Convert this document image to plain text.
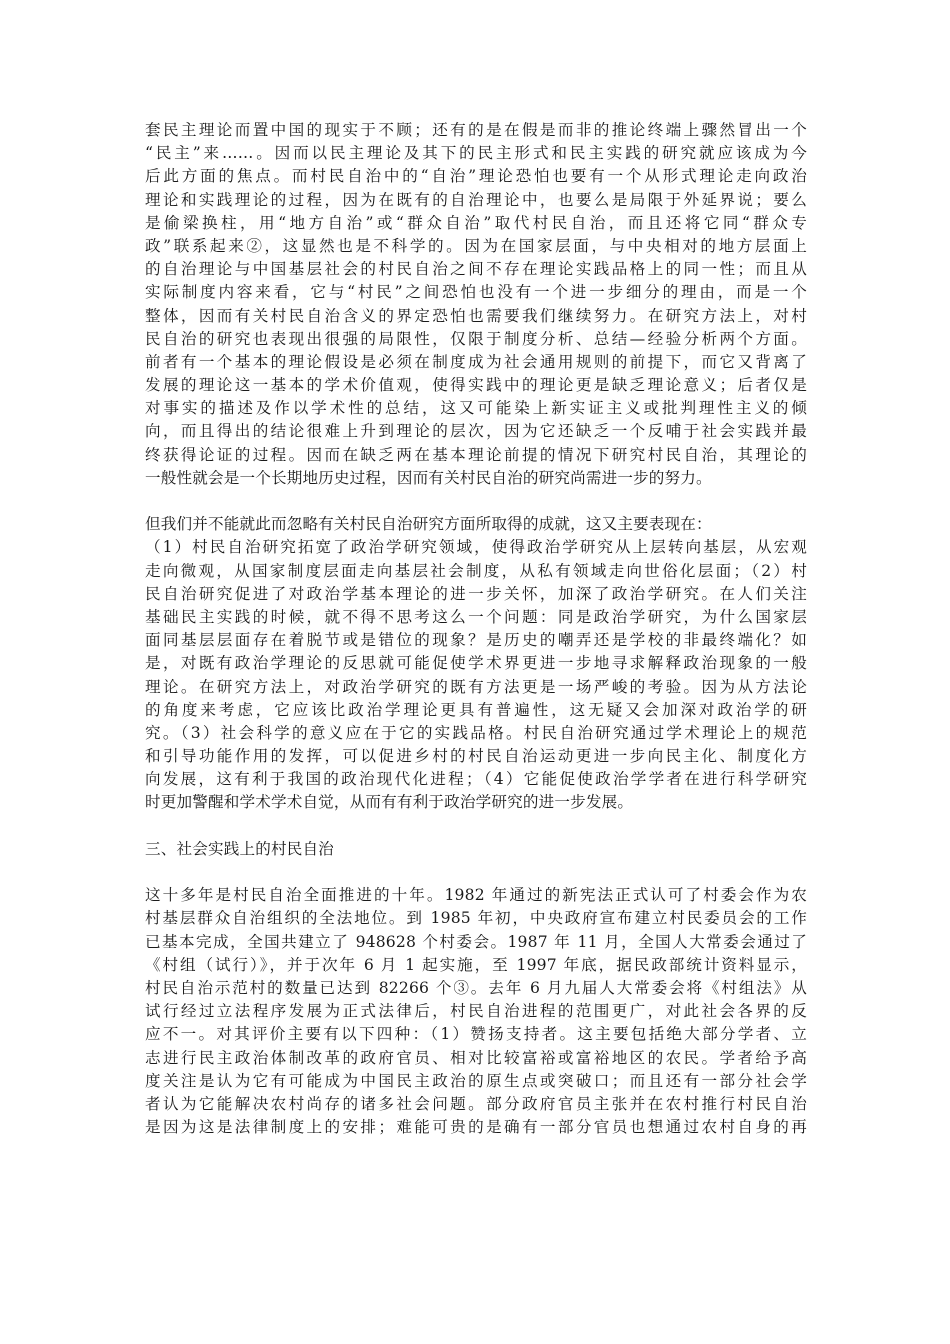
套民主理论而置中国的现实于不顾；还有的是在假是而非的推论终端上骤然冒出一个
“民主”来……。因而以民主理论及其下的民主形式和民主实践的研究就应该成为今
后此方面的焦点。而村民自治中的“自治”理论恐怕也要有一个从形式理论走向政治
理论和实践理论的过程，因为在既有的自治理论中，也要么是局限于外延界说；要么
是偷梁换柱，用“地方自治”或“群众自治”取代村民自治，而且还将它同“群众专
政”联系起来②，这显然也是不科学的。因为在国家层面，与中央相对的地方层面上
的自治理论与中国基层社会的村民自治之间不存在理论实践品格上的同一性；而且从
实际制度内容来看，它与“村民”之间恐怕也没有一个进一步细分的理由，而是一个
整体，因而有关村民自治含义的界定恐怕也需要我们继续努力。在研究方法上，对村
民自治的研究也表现出很强的局限性，仅限于制度分析、总结—经验分析两个方面。
前者有一个基本的理论假设是必须在制度成为社会通用规则的前提下，而它又背离了
发展的理论这一基本的学术价值观，使得实践中的理论更是缺乏理论意义；后者仅是
对事实的描述及作以学术性的总结，这又可能染上新实证主义或批判理性主义的倾
向，而且得出的结论很难上升到理论的层次，因为它还缺乏一个反哺于社会实践并最
终获得论证的过程。因而在缺乏两在基本理论前提的情况下研究村民自治，其理论的
一般性就会是一个长期地历史过程，因而有关村民自治的研究尚需进一步的努力。
但我们并不能就此而忽略有关村民自治研究方面所取得的成就，这又主要表现在：
（1）村民自治研究拓宽了政治学研究领域，使得政治学研究从上层转向基层，从宏观
走向微观，从国家制度层面走向基层社会制度，从私有领域走向世俗化层面；（2）村
民自治研究促进了对政治学基本理论的进一步关怀，加深了政治学研究。在人们关注
基础民主实践的时候，就不得不思考这么一个问题：同是政治学研究，为什么国家层
面同基层层面存在着脱节或是错位的现象？是历史的嘲弄还是学校的非最终端化？如
是，对既有政治学理论的反思就可能促使学术界更进一步地寻求解释政治现象的一般
理论。在研究方法上，对政治学研究的既有方法更是一场严峻的考验。因为从方法论
的角度来考虑，它应该比政治学理论更具有普遍性，这无疑又会加深对政治学的研
究。（3）社会科学的意义应在于它的实践品格。村民自治研究通过学术理论上的规范
和引导功能作用的发挥，可以促进乡村的村民自治运动更进一步向民主化、制度化方
向发展，这有利于我国的政治现代化进程；（4）它能促使政治学学者在进行科学研究
时更加警醒和学术学术自觉，从而有有利于政治学研究的进一步发展。
三、社会实践上的村民自治
这十多年是村民自治全面推进的十年。1982 年通过的新宪法正式认可了村委会作为农
村基层群众自治组织的全法地位。到 1985 年初，中央政府宣布建立村民委员会的工作
已基本完成，全国共建立了 948628 个村委会。1987 年 11 月，全国人大常委会通过了
《村组（试行）》，并于次年 6 月 1 起实施，至 1997 年底，据民政部统计资料显示，
村民自治示范村的数量已达到 82266 个③。去年 6 月九届人大常委会将《村组法》从
试行经过立法程序发展为正式法律后，村民自治进程的范围更广，对此社会各界的反
应不一。对其评价主要有以下四种：（1）赞扬支持者。这主要包括绝大部分学者、立
志进行民主政治体制改革的政府官员、相对比较富裕或富裕地区的农民。学者给予高
度关注是认为它有可能成为中国民主政治的原生点或突破口；而且还有一部分社会学
者认为它能解决农村尚存的诸多社会问题。部分政府官员主张并在农村推行村民自治
是因为这是法律制度上的安排；难能可贵的是确有一部分官员也想通过农村自身的再
